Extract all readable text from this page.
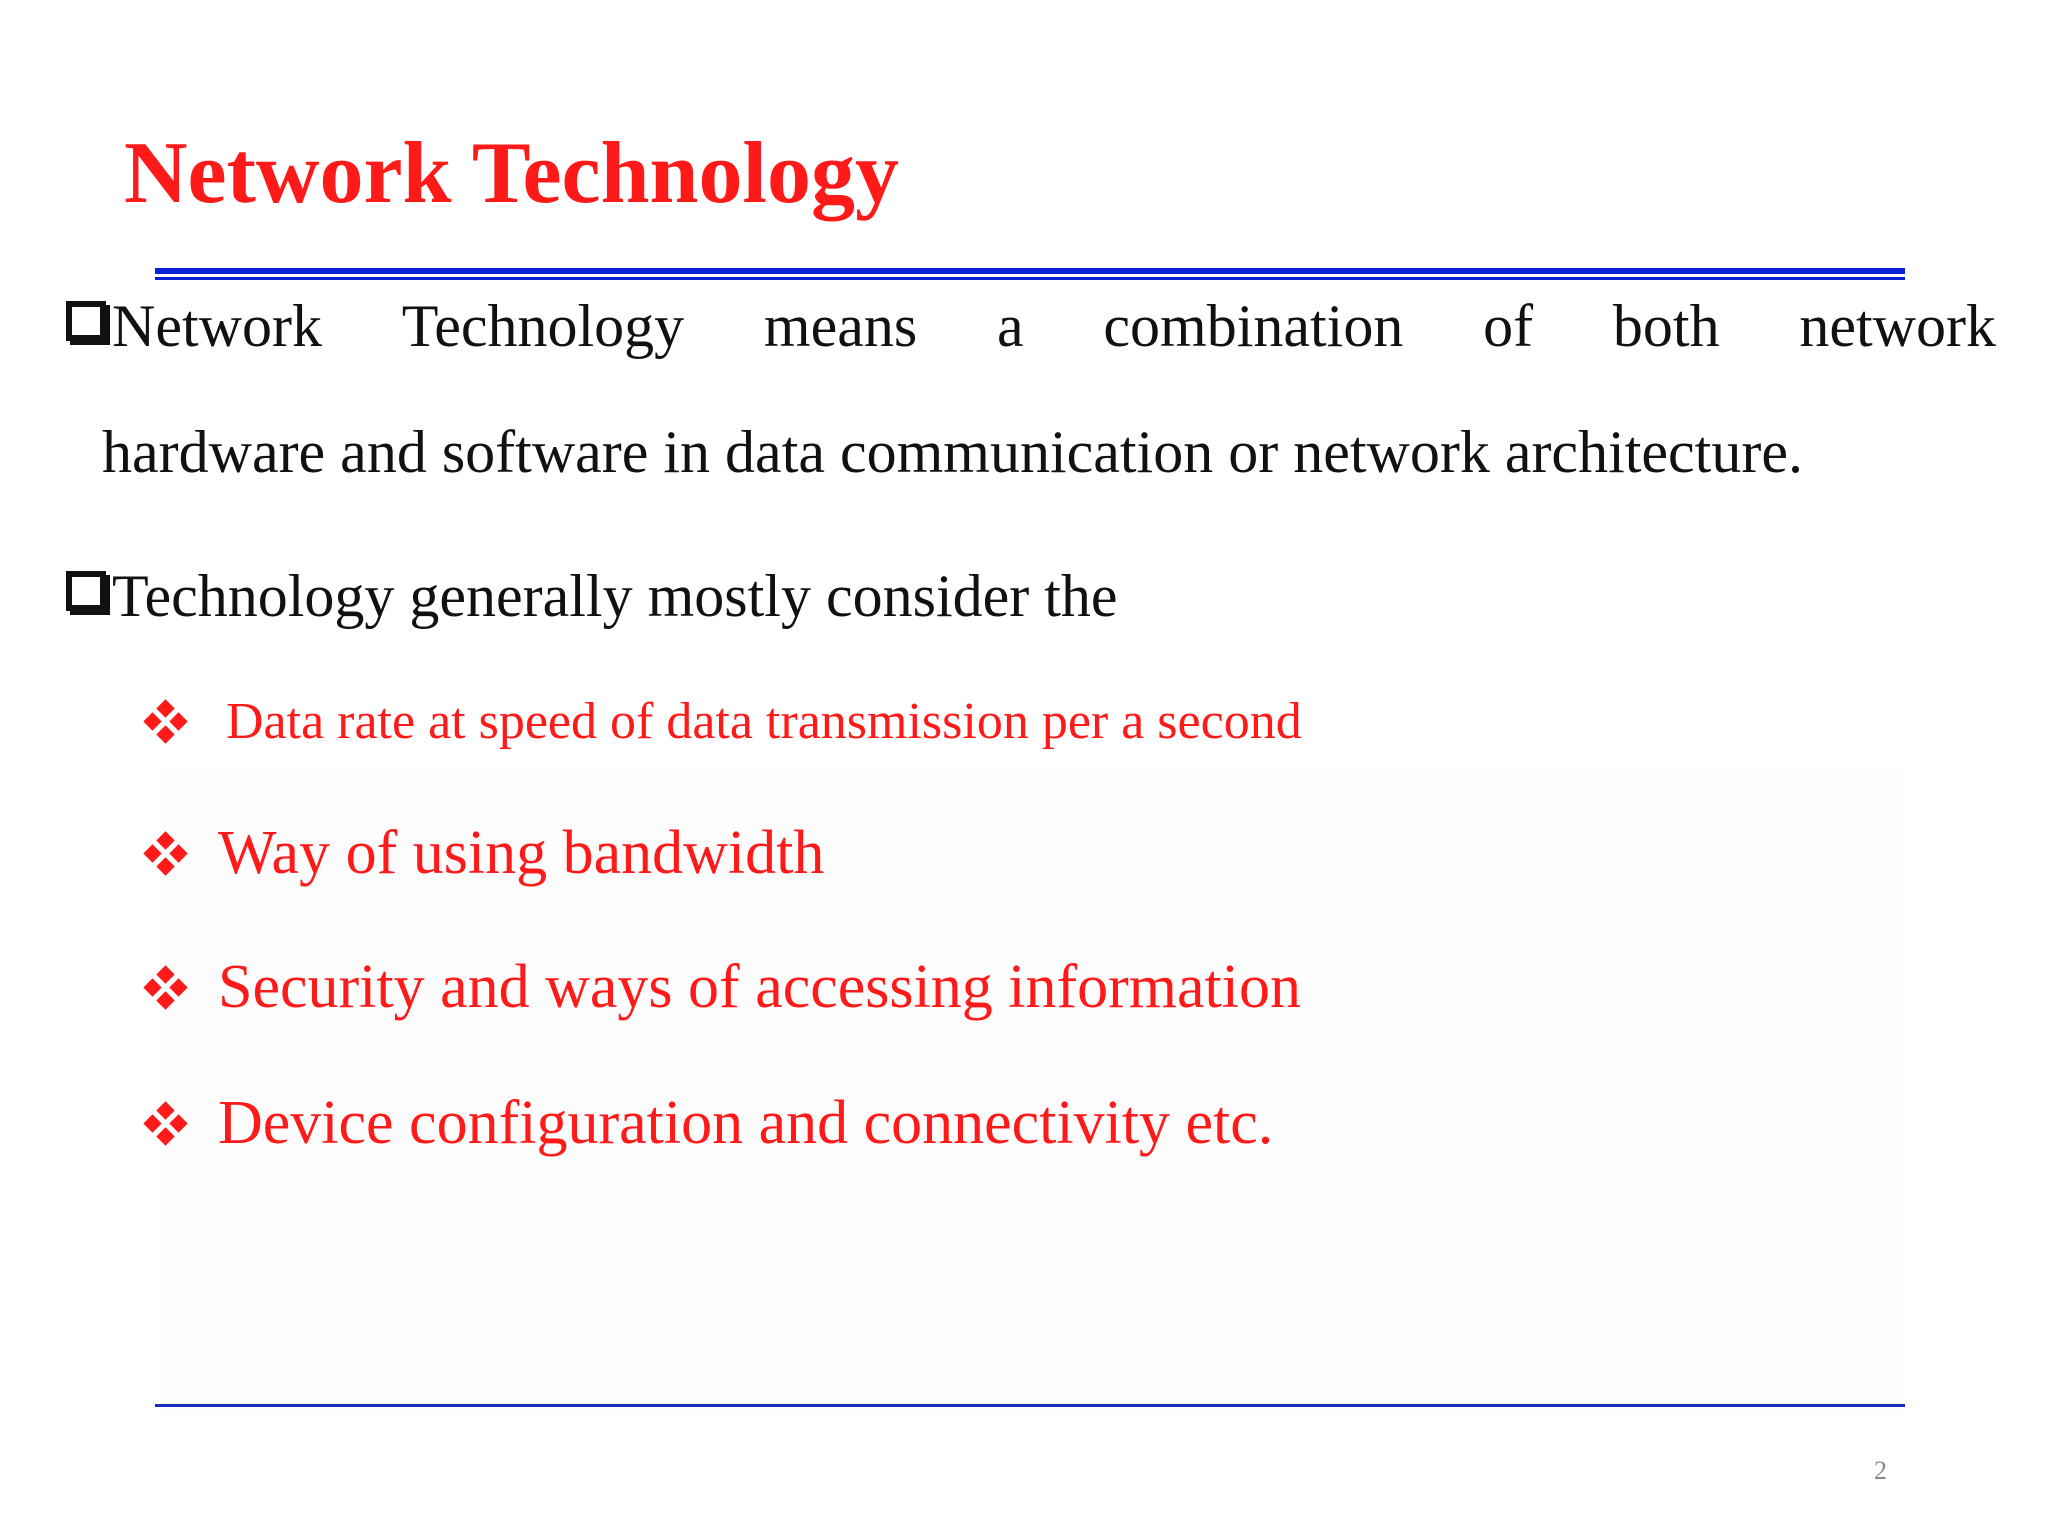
Network Technology
Network Technology means a combination of both network
hardware and software in data communication or network architecture.
Technology generally mostly consider the
Data rate at speed of data transmission per a second
Way of using bandwidth
Security and ways of accessing information
Device configuration and connectivity etc.
2
